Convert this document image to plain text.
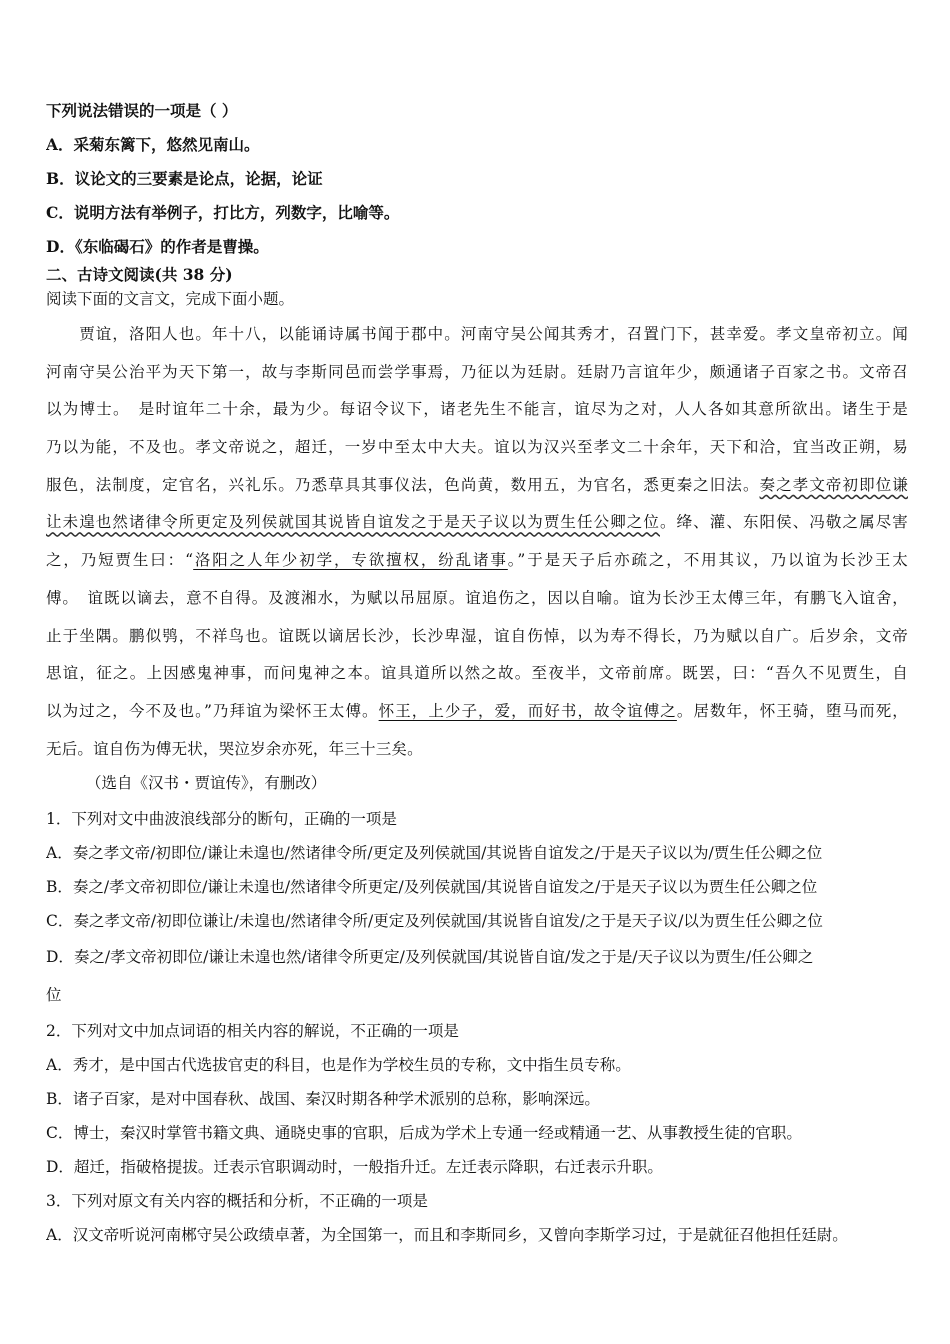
下列说法错误的一项是（ ）
A．采菊东篱下，悠然见南山。
B．议论文的三要素是论点，论据，论证
C．说明方法有举例子，打比方，列数字，比喻等。
D．《东临碣石》的作者是曹操。
二、古诗文阅读(共 38 分)
阅读下面的文言文，完成下面小题。
　　贾谊，洛阳人也。年十八，以能诵诗属书闻于郡中。河南守吴公闻其秀才，召置门下，甚幸爱。孝文皇帝初立。闻
河南守吴公治平为天下第一，故与李斯同邑而尝学事焉，乃征以为廷尉。廷尉乃言谊年少，颇通诸子百家之书。文帝召
以为博士。　是时谊年二十余，最为少。每诏令议下，诸老先生不能言，谊尽为之对，人人各如其意所欲出。诸生于是
乃以为能，不及也。孝文帝说之，超迁，一岁中至太中大夫。谊以为汉兴至孝文二十余年，天下和洽，宜当改正朔，易
服色，法制度，定官名，兴礼乐。乃悉草具其事仪法，色尚黄，数用五，为官名，悉更秦之旧法。奏之孝文帝初即位谦
让未遑也然诸律令所更定及列侯就国其说皆自谊发之于是天子议以为贾生任公卿之位。绛、灌、东阳侯、冯敬之属尽害
之，乃短贾生曰：“洛阳之人年少初学，专欲擅权，纷乱诸事。”于是天子后亦疏之，不用其议，乃以谊为长沙王太
傅。　谊既以谪去，意不自得。及渡湘水，为赋以吊屈原。谊追伤之，因以自喻。谊为长沙王太傅三年，有鹏飞入谊舍，
止于坐隅。鹏似鸮，不祥鸟也。谊既以谪居长沙，长沙卑湿，谊自伤悼，以为寿不得长，乃为赋以自广。后岁余，文帝
思谊，征之。上因感鬼神事，而问鬼神之本。谊具道所以然之故。至夜半，文帝前席。既罢，曰：“吾久不见贾生，自
以为过之，今不及也。”乃拜谊为梁怀王太傅。怀王，上少子，爱，而好书，故令谊傅之。居数年，怀王骑，堕马而死，
无后。谊自伤为傅无状，哭泣岁余亦死，年三十三矣。
（选自《汉书・贾谊传》，有删改）
1．下列对文中曲波浪线部分的断句，正确的一项是
A．奏之孝文帝/初即位/谦让未遑也/然诸律令所/更定及列侯就国/其说皆自谊发之/于是天子议以为/贾生任公卿之位
B．奏之/孝文帝初即位/谦让未遑也/然诸律令所更定/及列侯就国/其说皆自谊发之/于是天子议以为贾生任公卿之位
C．奏之孝文帝/初即位谦让/未遑也/然诸律令所/更定及列侯就国/其说皆自谊发/之于是天子议/以为贾生任公卿之位
D．奏之/孝文帝初即位/谦让未遑也然/诸律令所更定/及列侯就国/其说皆自谊/发之于是/天子议以为贾生/任公卿之
位
2．下列对文中加点词语的相关内容的解说，不正确的一项是
A．秀才，是中国古代选拔官吏的科目，也是作为学校生员的专称，文中指生员专称。
B．诸子百家，是对中国春秋、战国、秦汉时期各种学术派别的总称，影响深远。
C．博士，秦汉时掌管书籍文典、通晓史事的官职，后成为学术上专通一经或精通一艺、从事教授生徒的官职。
D．超迁，指破格提拔。迁表示官职调动时，一般指升迁。左迁表示降职，右迁表示升职。
3．下列对原文有关内容的概括和分析，不正确的一项是
A．汉文帝听说河南郴守吴公政绩卓著，为全国第一，而且和李斯同乡，又曾向李斯学习过，于是就征召他担任廷尉。
